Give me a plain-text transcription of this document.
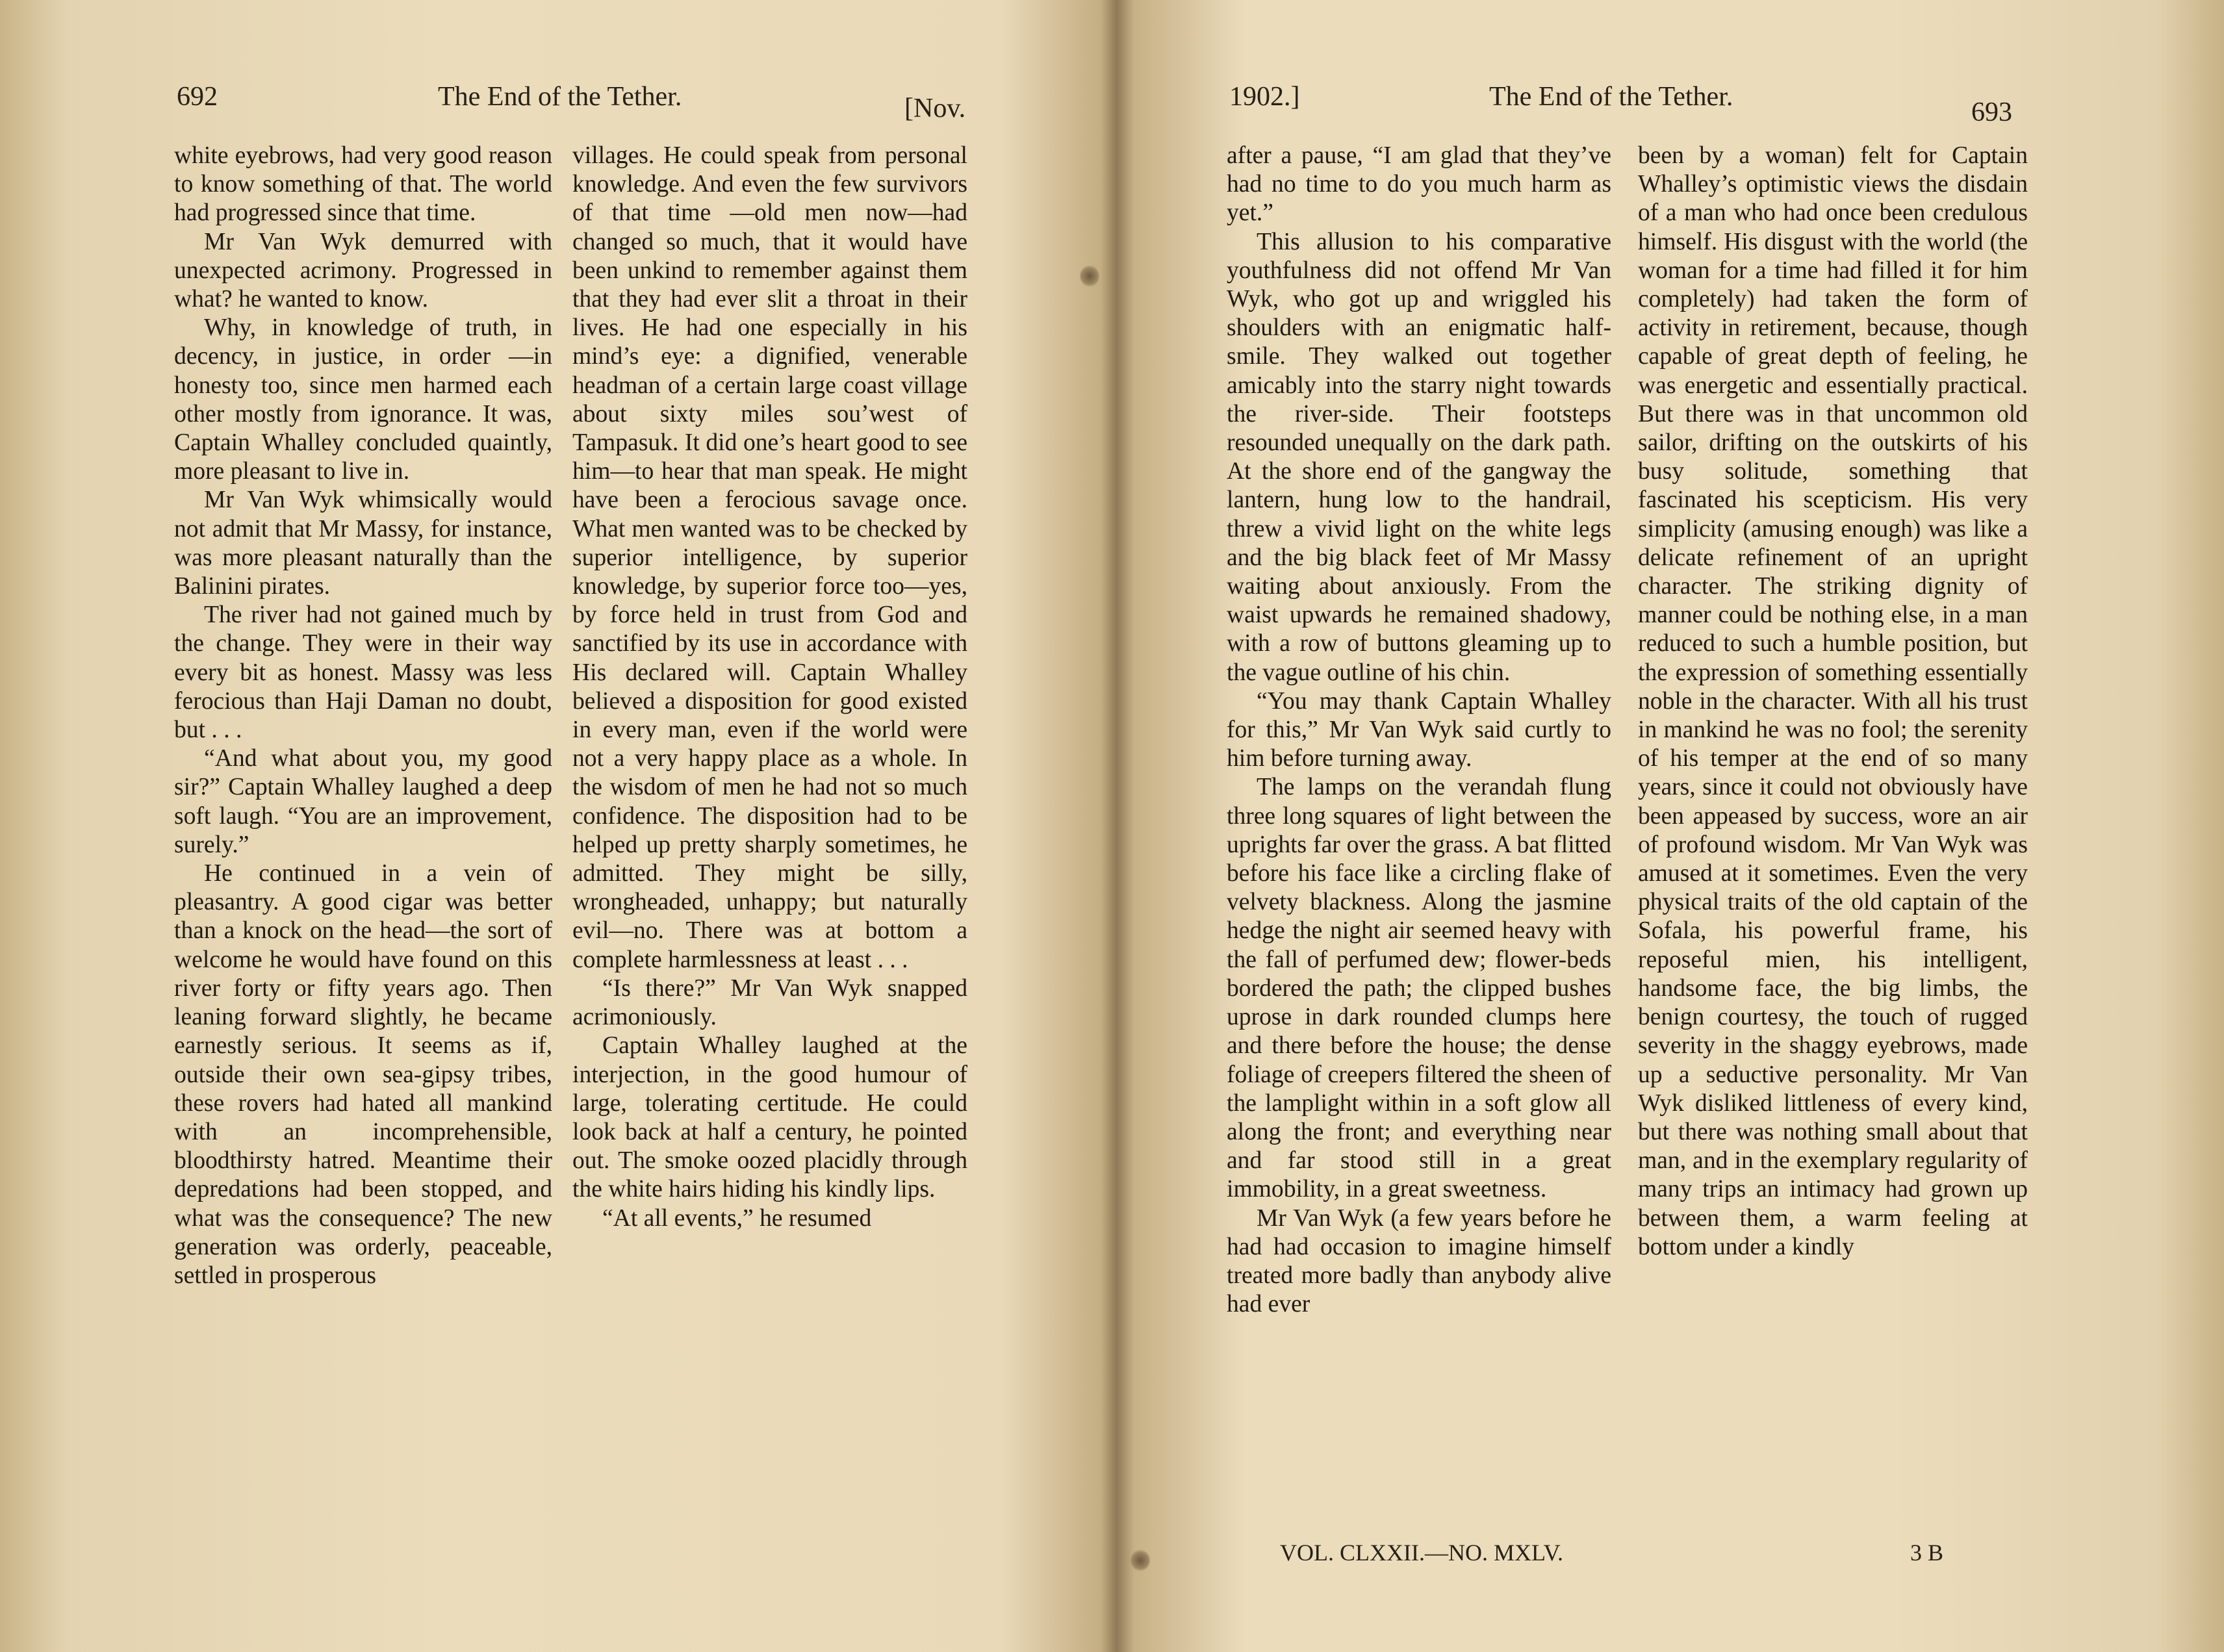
692	The End of the Tether.	[Nov.

white eyebrows, had very good reason to know something of that. The world had progressed since that time.

Mr Van Wyk demurred with unexpected acrimony. Progressed in what? he wanted to know.

Why, in knowledge of truth, in decency, in justice, in order —in honesty too, since men harmed each other mostly from ignorance. It was, Captain Whalley concluded quaintly, more pleasant to live in.

Mr Van Wyk whimsically would not admit that Mr Massy, for instance, was more pleasant naturally than the Balinini pirates.

The river had not gained much by the change. They were in their way every bit as honest. Massy was less ferocious than Haji Daman no doubt, but . . .

“And what about you, my good sir?” Captain Whalley laughed a deep soft laugh. “You are an improvement, surely.”

He continued in a vein of pleasantry. A good cigar was better than a knock on the head—the sort of welcome he would have found on this river forty or fifty years ago. Then leaning forward slightly, he became earnestly serious. It seems as if, outside their own sea-gipsy tribes, these rovers had hated all mankind with an incomprehensible, bloodthirsty hatred. Meantime their depredations had been stopped, and what was the consequence? The new generation was orderly, peaceable, settled in prosperous

villages. He could speak from personal knowledge. And even the few survivors of that time —old men now—had changed so much, that it would have been unkind to remember against them that they had ever slit a throat in their lives. He had one especially in his mind’s eye: a dignified, venerable headman of a certain large coast village about sixty miles sou’west of Tampasuk. It did one’s heart good to see him—to hear that man speak. He might have been a ferocious savage once. What men wanted was to be checked by superior intelligence, by superior knowledge, by superior force too—yes, by force held in trust from God and sanctified by its use in accordance with His declared will. Captain Whalley believed a disposition for good existed in every man, even if the world were not a very happy place as a whole. In the wisdom of men he had not so much confidence. The disposition had to be helped up pretty sharply sometimes, he admitted. They might be silly, wrongheaded, unhappy; but naturally evil—no. There was at bottom a complete harmlessness at least . . .

“Is there?” Mr Van Wyk snapped acrimoniously.

Captain Whalley laughed at the interjection, in the good humour of large, tolerating certitude. He could look back at half a century, he pointed out. The smoke oozed placidly through the white hairs hiding his kindly lips.

“At all events,” he resumed

1902.]	The End of the Tether.
693

after a pause, “I am glad that they’ve had no time to do you much harm as yet.”

This allusion to his comparative youthfulness did not offend Mr Van Wyk, who got up and wriggled his shoulders with an enigmatic half-smile. They walked out together amicably into the starry night towards the river-side. Their footsteps resounded unequally on the dark path. At the shore end of the gangway the lantern, hung low to the handrail, threw a vivid light on the white legs and the big black feet of Mr Massy waiting about anxiously. From the waist upwards he remained shadowy, with a row of buttons gleaming up to the vague outline of his chin.

“You may thank Captain Whalley for this,” Mr Van Wyk said curtly to him before turning away.

The lamps on the verandah flung three long squares of light between the uprights far over the grass. A bat flitted before his face like a circling flake of velvety blackness. Along the jasmine hedge the night air seemed heavy with the fall of perfumed dew; flower-beds bordered the path; the clipped bushes uprose in dark rounded clumps here and there before the house; the dense foliage of creepers filtered the sheen of the lamplight within in a soft glow all along the front; and everything near and far stood still in a great immobility, in a great sweetness.

Mr Van Wyk (a few years before he had had occasion to imagine himself treated more badly than anybody alive had ever

been by a woman) felt for Captain Whalley’s optimistic views the disdain of a man who had once been credulous himself. His disgust with the world (the woman for a time had filled it for him completely) had taken the form of activity in retirement, because, though capable of great depth of feeling, he was energetic and essentially practical. But there was in that uncommon old sailor, drifting on the outskirts of his busy solitude, something that fascinated his scepticism. His very simplicity (amusing enough) was like a delicate refinement of an upright character. The striking dignity of manner could be nothing else, in a man reduced to such a humble position, but the expression of something essentially noble in the character. With all his trust in mankind he was no fool; the serenity of his temper at the end of so many years, since it could not obviously have been appeased by success, wore an air of profound wisdom. Mr Van Wyk was amused at it sometimes. Even the very physical traits of the old captain of the Sofala, his powerful frame, his reposeful mien, his intelligent, handsome face, the big limbs, the benign courtesy, the touch of rugged severity in the shaggy eyebrows, made up a seductive personality. Mr Van Wyk disliked littleness of every kind, but there was nothing small about that man, and in the exemplary regularity of many trips an intimacy had grown up between them, a warm feeling at bottom under a kindly

VOL. CLXXII.—NO. MXLV.	3 B
